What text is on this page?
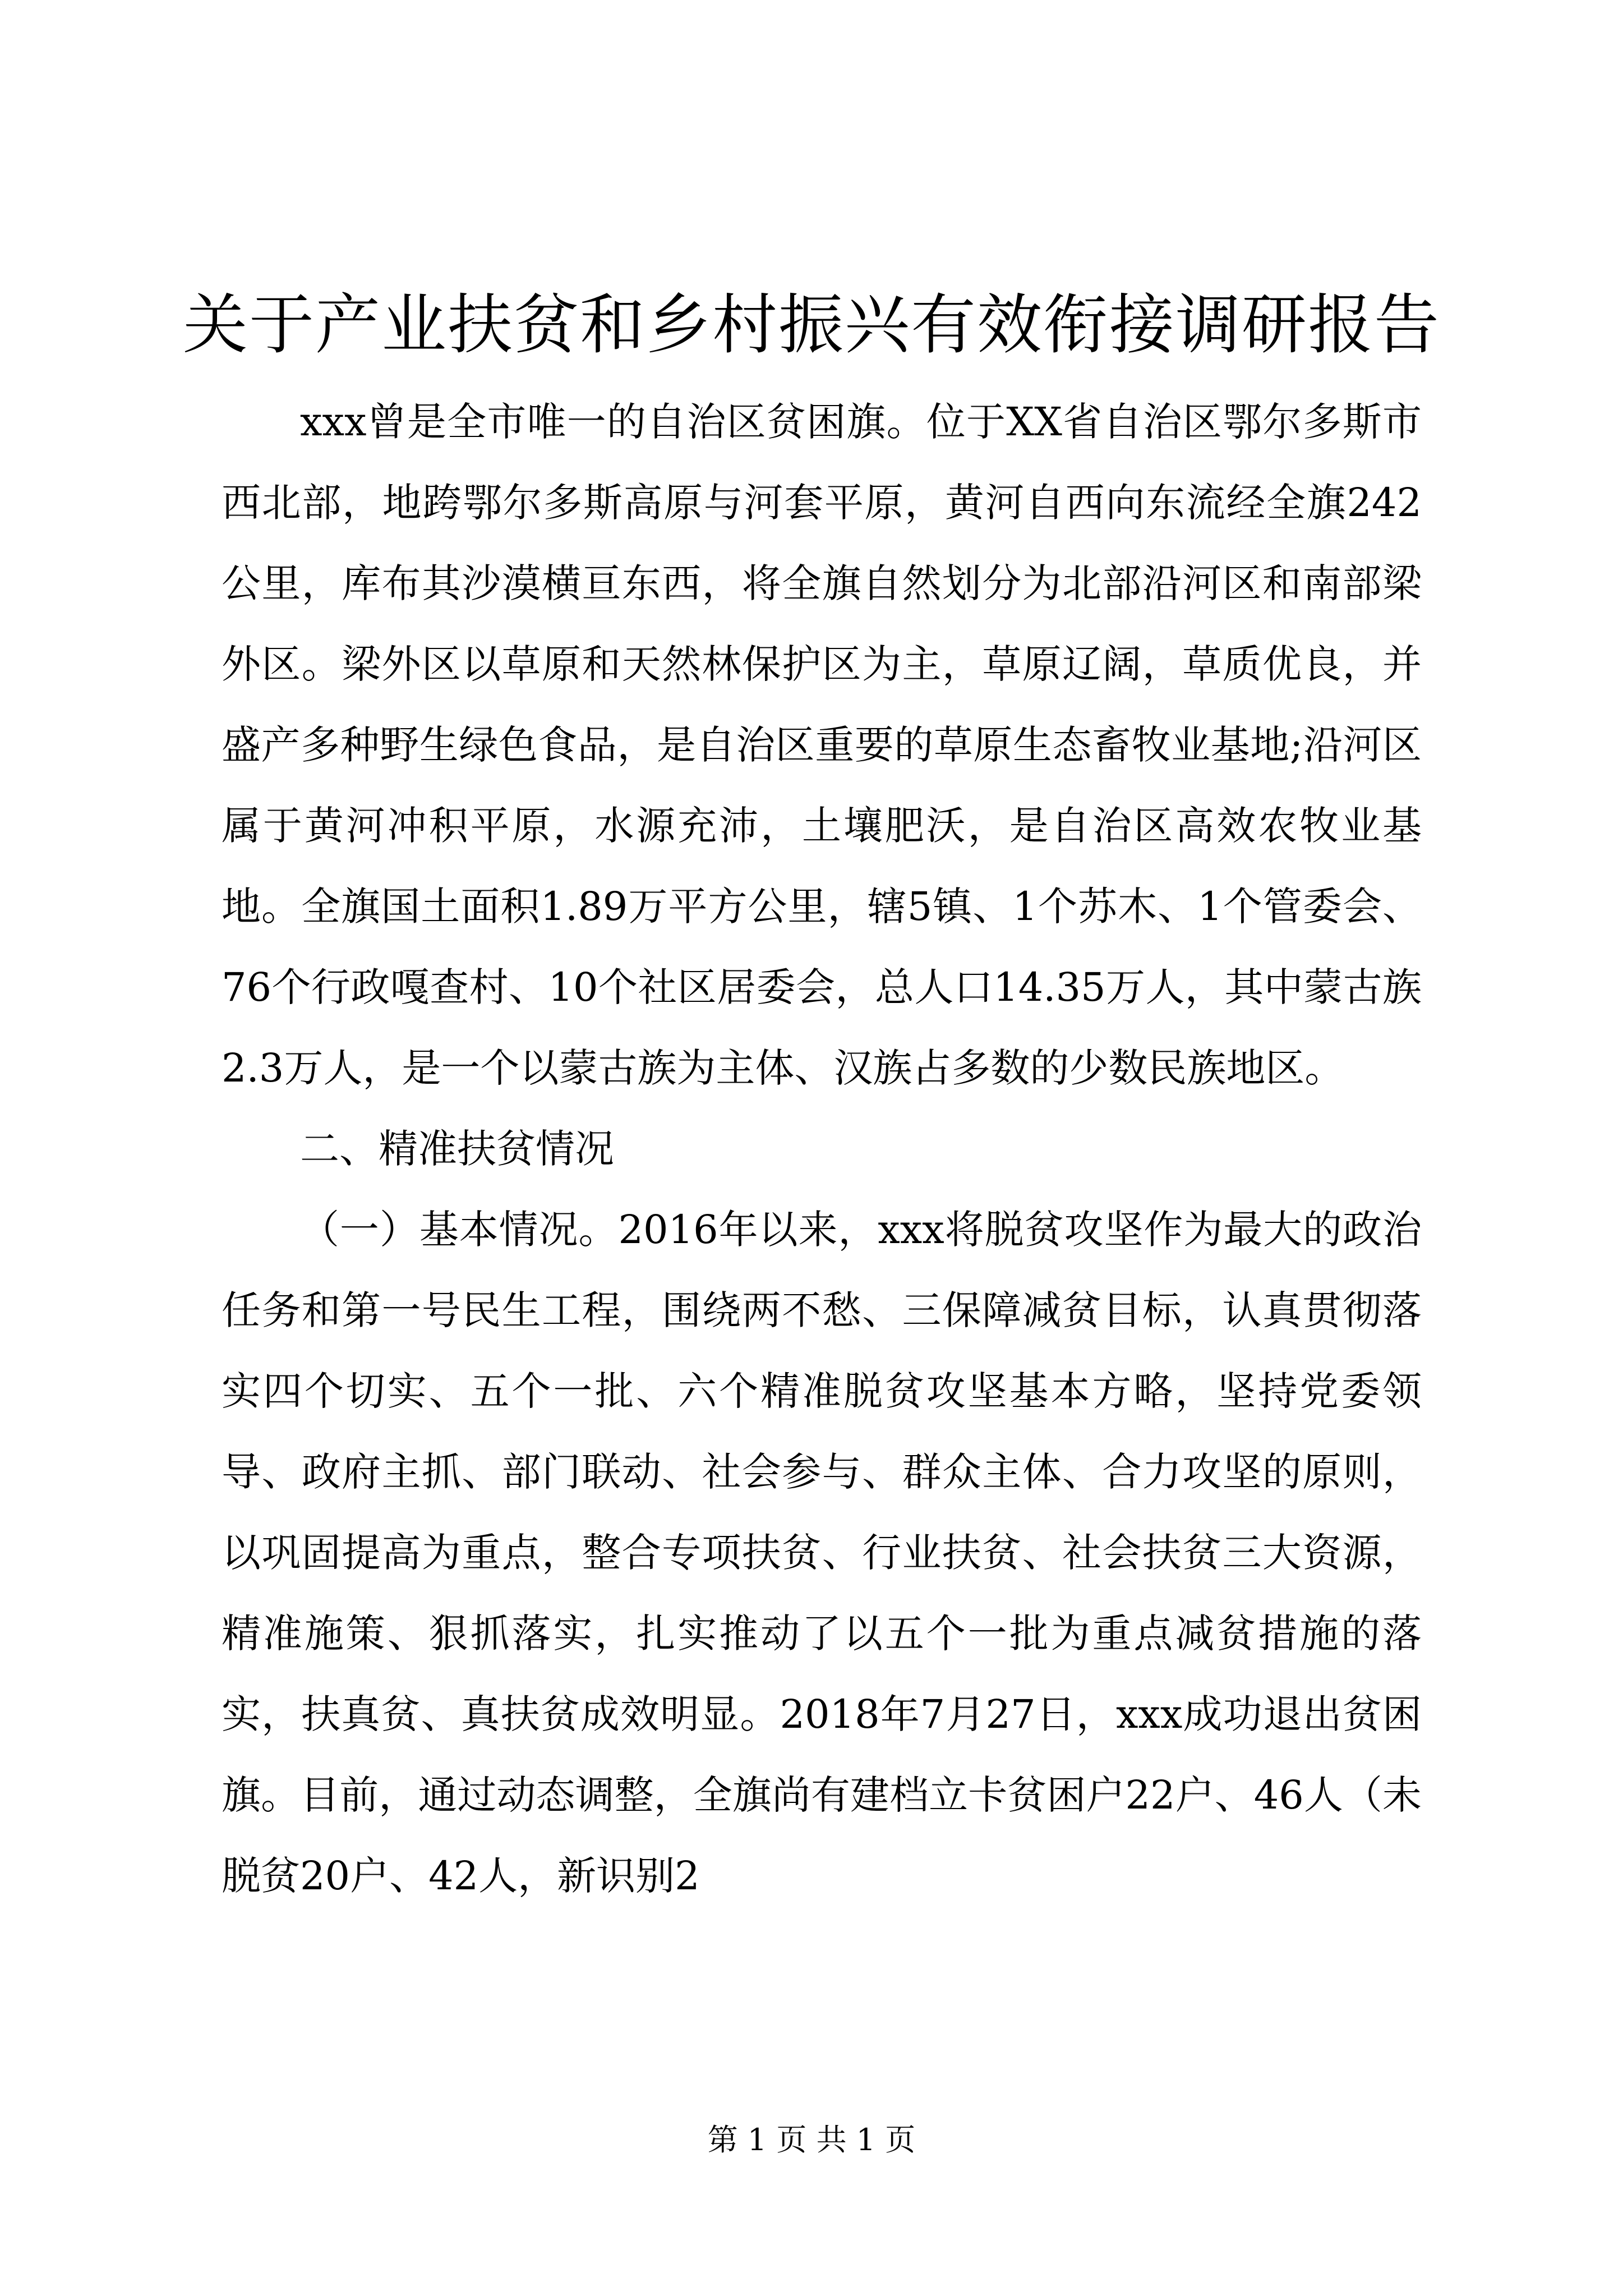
关于产业扶贫和乡村振兴有效衔接调研报告

xxx曾是全市唯一的自治区贫困旗。位于XX省自治区鄂尔多斯市西北部，地跨鄂尔多斯高原与河套平原，黄河自西向东流经全旗242公里，库布其沙漠横亘东西，将全旗自然划分为北部沿河区和南部梁外区。梁外区以草原和天然林保护区为主，草原辽阔，草质优良，并盛产多种野生绿色食品，是自治区重要的草原生态畜牧业基地;沿河区属于黄河冲积平原，水源充沛，土壤肥沃，是自治区高效农牧业基地。全旗国土面积1.89万平方公里，辖5镇、1个苏木、1个管委会、76个行政嘎查村、10个社区居委会，总人口14.35万人，其中蒙古族2.3万人，是一个以蒙古族为主体、汉族占多数的少数民族地区。

二、精准扶贫情况

（一）基本情况。2016年以来，xxx将脱贫攻坚作为最大的政治任务和第一号民生工程，围绕两不愁、三保障减贫目标，认真贯彻落实四个切实、五个一批、六个精准脱贫攻坚基本方略，坚持党委领导、政府主抓、部门联动、社会参与、群众主体、合力攻坚的原则，以巩固提高为重点，整合专项扶贫、行业扶贫、社会扶贫三大资源，精准施策、狠抓落实，扎实推动了以五个一批为重点减贫措施的落实，扶真贫、真扶贫成效明显。2018年7月27日，xxx成功退出贫困旗。目前，通过动态调整，全旗尚有建档立卡贫困户22户、46人（未脱贫20户、42人，新识别2

第 1 页 共 1 页
